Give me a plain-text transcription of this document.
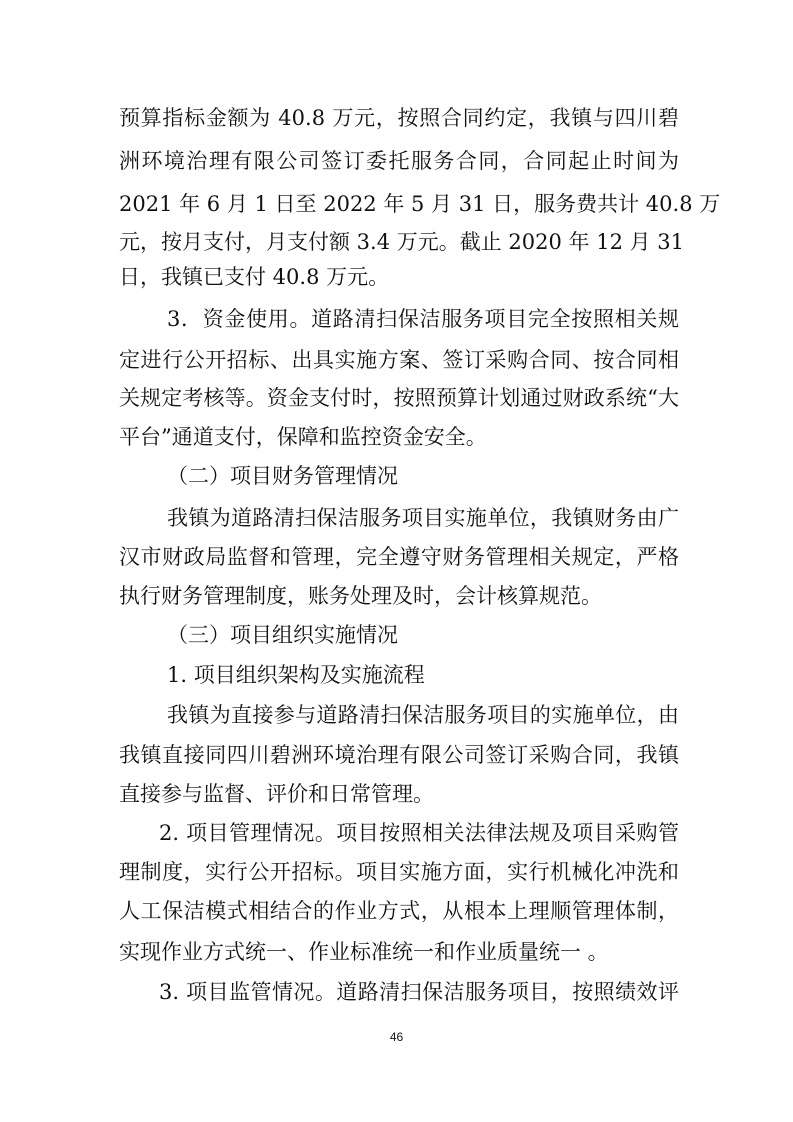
预算指标金额为 40.8 万元，按照合同约定，我镇与四川碧
洲环境治理有限公司签订委托服务合同，合同起止时间为
2021 年 6 月 1 日至 2022 年 5 月 31 日，服务费共计 40.8 万
元，按月支付，月支付额 3.4 万元。截止 2020 年 12 月 31
日，我镇已支付 40.8 万元。
3．资金使用。道路清扫保洁服务项目完全按照相关规
定进行公开招标、出具实施方案、签订采购合同、按合同相
关规定考核等。资金支付时，按照预算计划通过财政系统“大
平台”通道支付，保障和监控资金安全。
（二）项目财务管理情况
我镇为道路清扫保洁服务项目实施单位，我镇财务由广
汉市财政局监督和管理，完全遵守财务管理相关规定，严格
执行财务管理制度，账务处理及时，会计核算规范。
（三）项目组织实施情况
1. 项目组织架构及实施流程
我镇为直接参与道路清扫保洁服务项目的实施单位，由
我镇直接同四川碧洲环境治理有限公司签订采购合同，我镇
直接参与监督、评价和日常管理。
2. 项目管理情况。项目按照相关法律法规及项目采购管
理制度，实行公开招标。项目实施方面，实行机械化冲洗和
人工保洁模式相结合的作业方式，从根本上理顺管理体制，
实现作业方式统一、作业标准统一和作业质量统一 。
3. 项目监管情况。道路清扫保洁服务项目，按照绩效评
46
